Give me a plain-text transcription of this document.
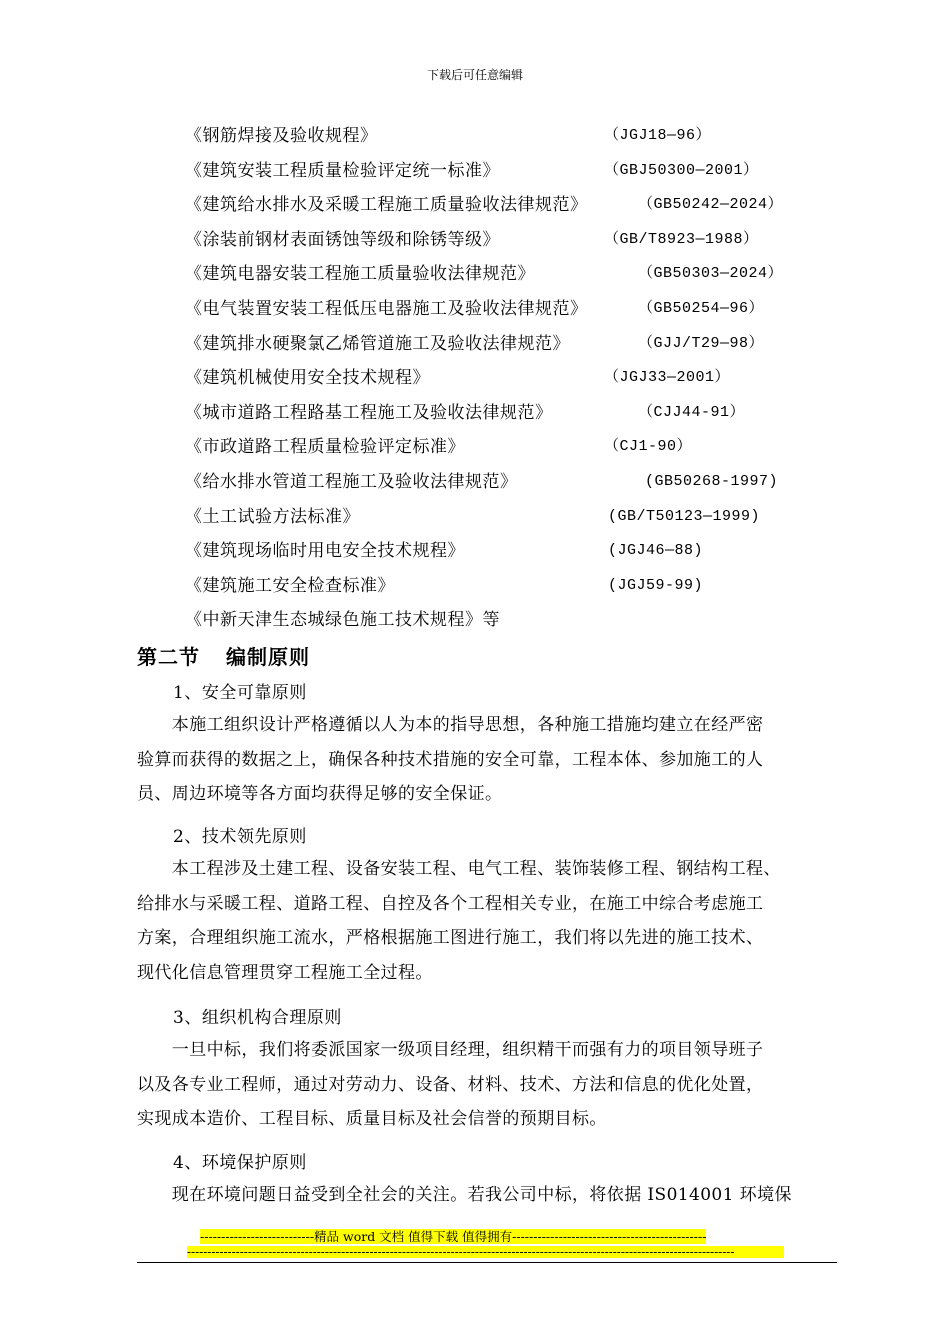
下载后可任意编辑
《钢筋焊接及验收规程》	（JGJ18—96）
《建筑安装工程质量检验评定统一标准》	（GBJ50300—2001）
《建筑给水排水及采暖工程施工质量验收法律规范》	（GB50242—2024）
《涂装前钢材表面锈蚀等级和除锈等级》	（GB/T8923—1988）
《建筑电器安装工程施工质量验收法律规范》	（GB50303—2024）
《电气装置安装工程低压电器施工及验收法律规范》	（GB50254—96）
《建筑排水硬聚氯乙烯管道施工及验收法律规范》	（GJJ/T29—98）
《建筑机械使用安全技术规程》	（JGJ33—2001）
《城市道路工程路基工程施工及验收法律规范》	（CJJ44-91）
《市政道路工程质量检验评定标准》	（CJ1-90）
《给水排水管道工程施工及验收法律规范》	(GB50268-1997)
《土工试验方法标准》	(GB/T50123—1999)
《建筑现场临时用电安全技术规程》	(JGJ46—88)
《建筑施工安全检查标准》	(JGJ59-99)
《中新天津生态城绿色施工技术规程》等
第二节 编制原则
1、安全可靠原则
　　本施工组织设计严格遵循以人为本的指导思想，各种施工措施均建立在经严密
验算而获得的数据之上，确保各种技术措施的安全可靠，工程本体、参加施工的人
员、周边环境等各方面均获得足够的安全保证。
2、技术领先原则
　　本工程涉及土建工程、设备安装工程、电气工程、装饰装修工程、钢结构工程、
给排水与采暖工程、道路工程、自控及各个工程相关专业，在施工中综合考虑施工
方案，合理组织施工流水，严格根据施工图进行施工，我们将以先进的施工技术、
现代化信息管理贯穿工程施工全过程。
3、组织机构合理原则
　　一旦中标，我们将委派国家一级项目经理，组织精干而强有力的项目领导班子
以及各专业工程师，通过对劳动力、设备、材料、技术、方法和信息的优化处置，
实现成本造价、工程目标、质量目标及社会信誉的预期目标。
4、环境保护原则
　　现在环境问题日益受到全社会的关注。若我公司中标，将依据 IS014001 环境保
---------------------------精品 word 文档 值得下载 值得拥有----------------------------------------------
---------------------------------------------------------------------------------------------------------------------------------------
